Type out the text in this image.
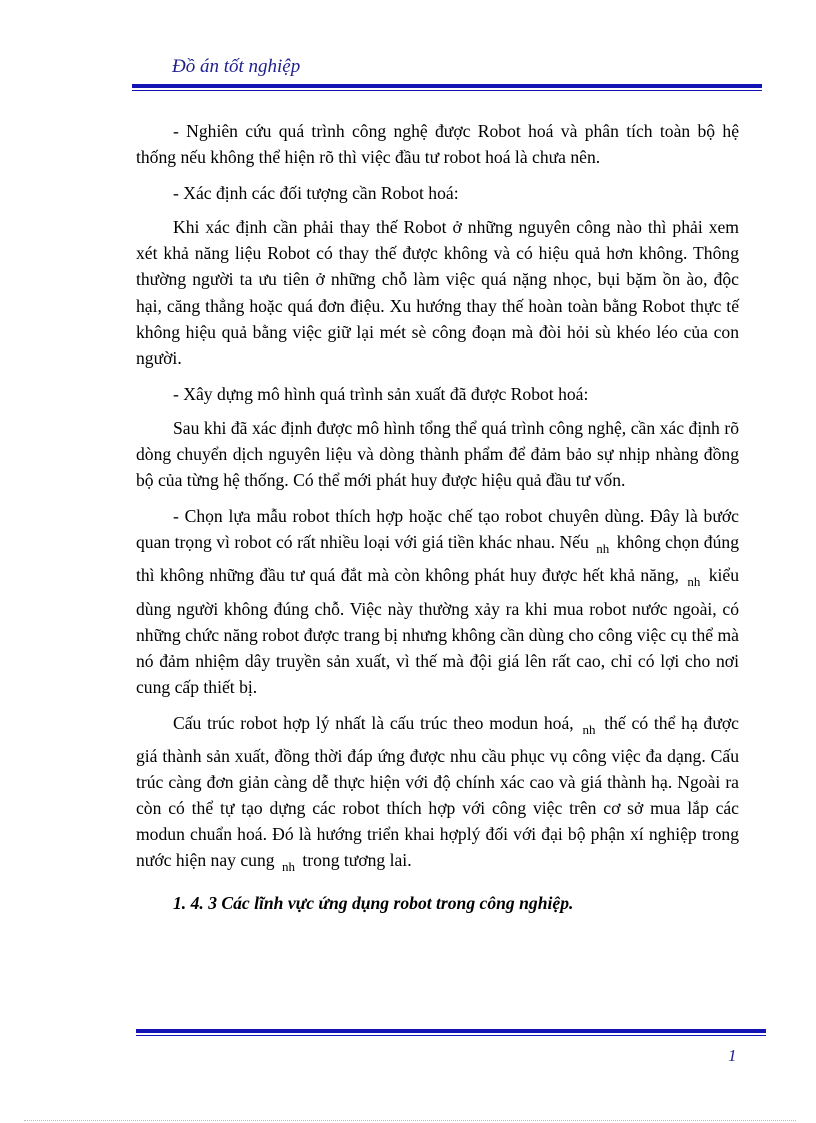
Đồ án tốt nghiệp

- Nghiên cứu quá trình công nghệ được Robot hoá và phân tích toàn bộ hệ thống nếu không thể hiện rõ thì việc đầu tư robot hoá là chưa nên.

- Xác định các đối tượng cần Robot hoá:

Khi xác định cần phải thay thế Robot ở những nguyên công nào thì phải xem xét khả năng liệu Robot có thay thế được không và có hiệu quả hơn không. Thông thường người ta ưu tiên ở những chỗ làm việc quá nặng nhọc, bụi bặm ồn ào, độc hại, căng thẳng hoặc quá đơn điệu. Xu hướng thay thế hoàn toàn bằng Robot thực tế không hiệu quả bằng việc giữ lại mét sè công đoạn mà đòi hỏi sù khéo léo của con người.

- Xây dựng mô hình quá trình sản xuất đã được Robot hoá:

Sau khi đã xác định được mô hình tổng thể quá trình công nghệ, cần xác định rõ dòng chuyển dịch nguyên liệu và dòng thành phẩm để đảm bảo sự nhịp nhàng đồng bộ của từng hệ thống. Có thể mới phát huy được hiệu quả đầu tư vốn.

- Chọn lựa mẫu robot thích hợp hoặc chế tạo robot chuyên dùng. Đây là bước quan trọng vì robot có rất nhiều loại với giá tiền khác nhau. Nếu $_{nh}$ không chọn đúng thì không những đầu tư quá đắt mà còn không phát huy được hết khả năng, $_{nh}$ kiểu dùng người không đúng chỗ. Việc này thường xảy ra khi mua robot nước ngoài, có những chức năng robot được trang bị nhưng không cần dùng cho công việc cụ thể mà nó đảm nhiệm dây truyền sản xuất, vì thế mà đội giá lên rất cao, chỉ có lợi cho nơi cung cấp thiết bị.

Cấu trúc robot hợp lý nhất là cấu trúc theo modun hoá, $_{nh}$ thế có thể hạ được giá thành sản xuất, đồng thời đáp ứng được nhu cầu phục vụ công việc đa dạng. Cấu trúc càng đơn giản càng dễ thực hiện với độ chính xác cao và giá thành hạ. Ngoài ra còn có thể tự tạo dựng các robot thích hợp với công việc trên cơ sở mua lắp các modun chuẩn hoá. Đó là hướng triển khai hợplý đối với đại bộ phận xí nghiệp trong nước hiện nay cung $_{nh}$ trong tương lai.

1. 4. 3 Các lĩnh vực ứng dụng robot trong công nghiệp.
1
